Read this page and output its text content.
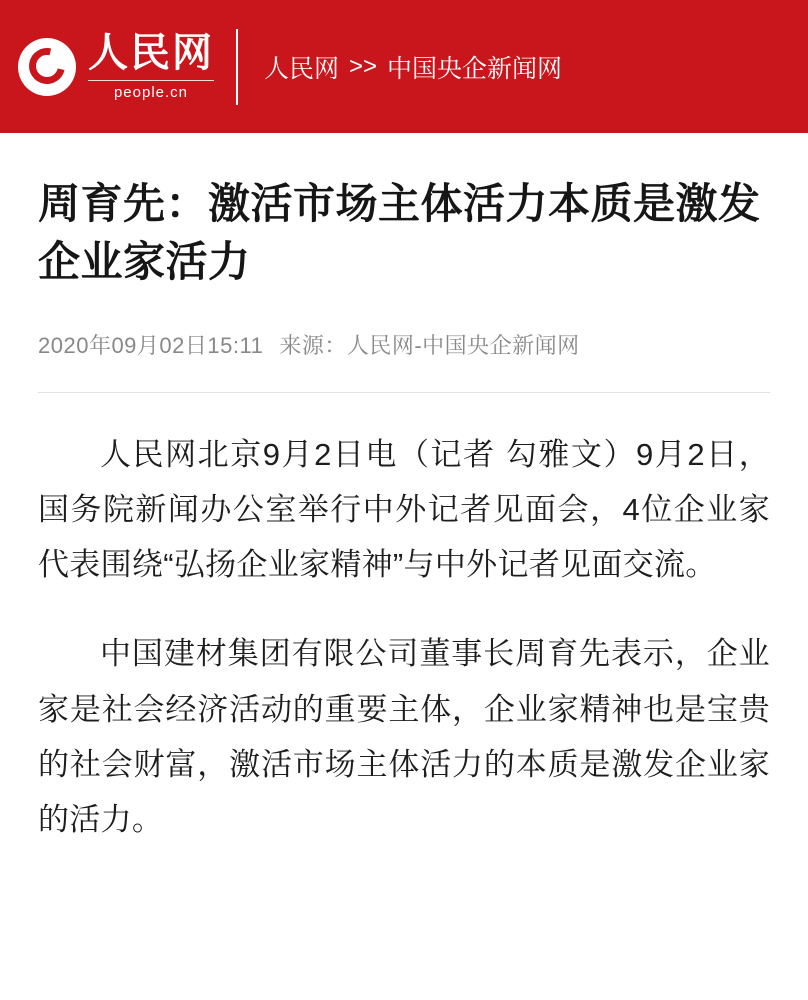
人民网
people.cn
人民网 >> 中国央企新闻网
周育先：激活市场主体活力本质是激发企业家活力
2020年09月02日15:11 来源： 人民网-中国央企新闻网

人民网北京9月2日电（记者 勾雅文）9月2日，国务院新闻办公室举行中外记者见面会，4位企业家代表围绕“弘扬企业家精神”与中外记者见面交流。

中国建材集团有限公司董事长周育先表示，企业家是社会经济活动的重要主体，企业家精神也是宝贵的社会财富，激活市场主体活力的本质是激发企业家的活力。
